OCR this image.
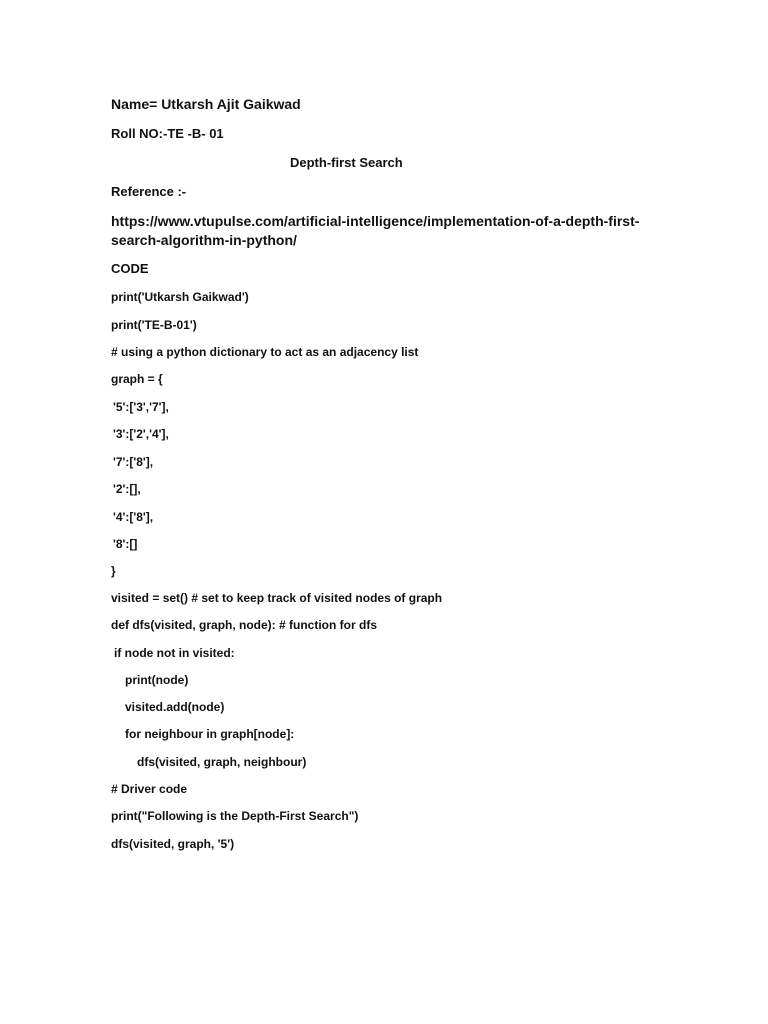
Name= Utkarsh Ajit Gaikwad
Roll NO:-TE -B- 01
Depth-first Search
Reference :-
https://www.vtupulse.com/artificial-intelligence/implementation-of-a-depth-first-search-algorithm-in-python/
CODE
print('Utkarsh Gaikwad')
print('TE-B-01')
# using a python dictionary to act as an adjacency list
graph = {
'5':['3','7'],
'3':['2','4'],
'7':['8'],
'2':[],
'4':['8'],
'8':[]
}
visited = set() # set to keep track of visited nodes of graph
def dfs(visited, graph, node): # function for dfs
if node not in visited:
print(node)
visited.add(node)
for neighbour in graph[node]:
dfs(visited, graph, neighbour)
# Driver code
print("Following is the Depth-First Search")
dfs(visited, graph, '5')
